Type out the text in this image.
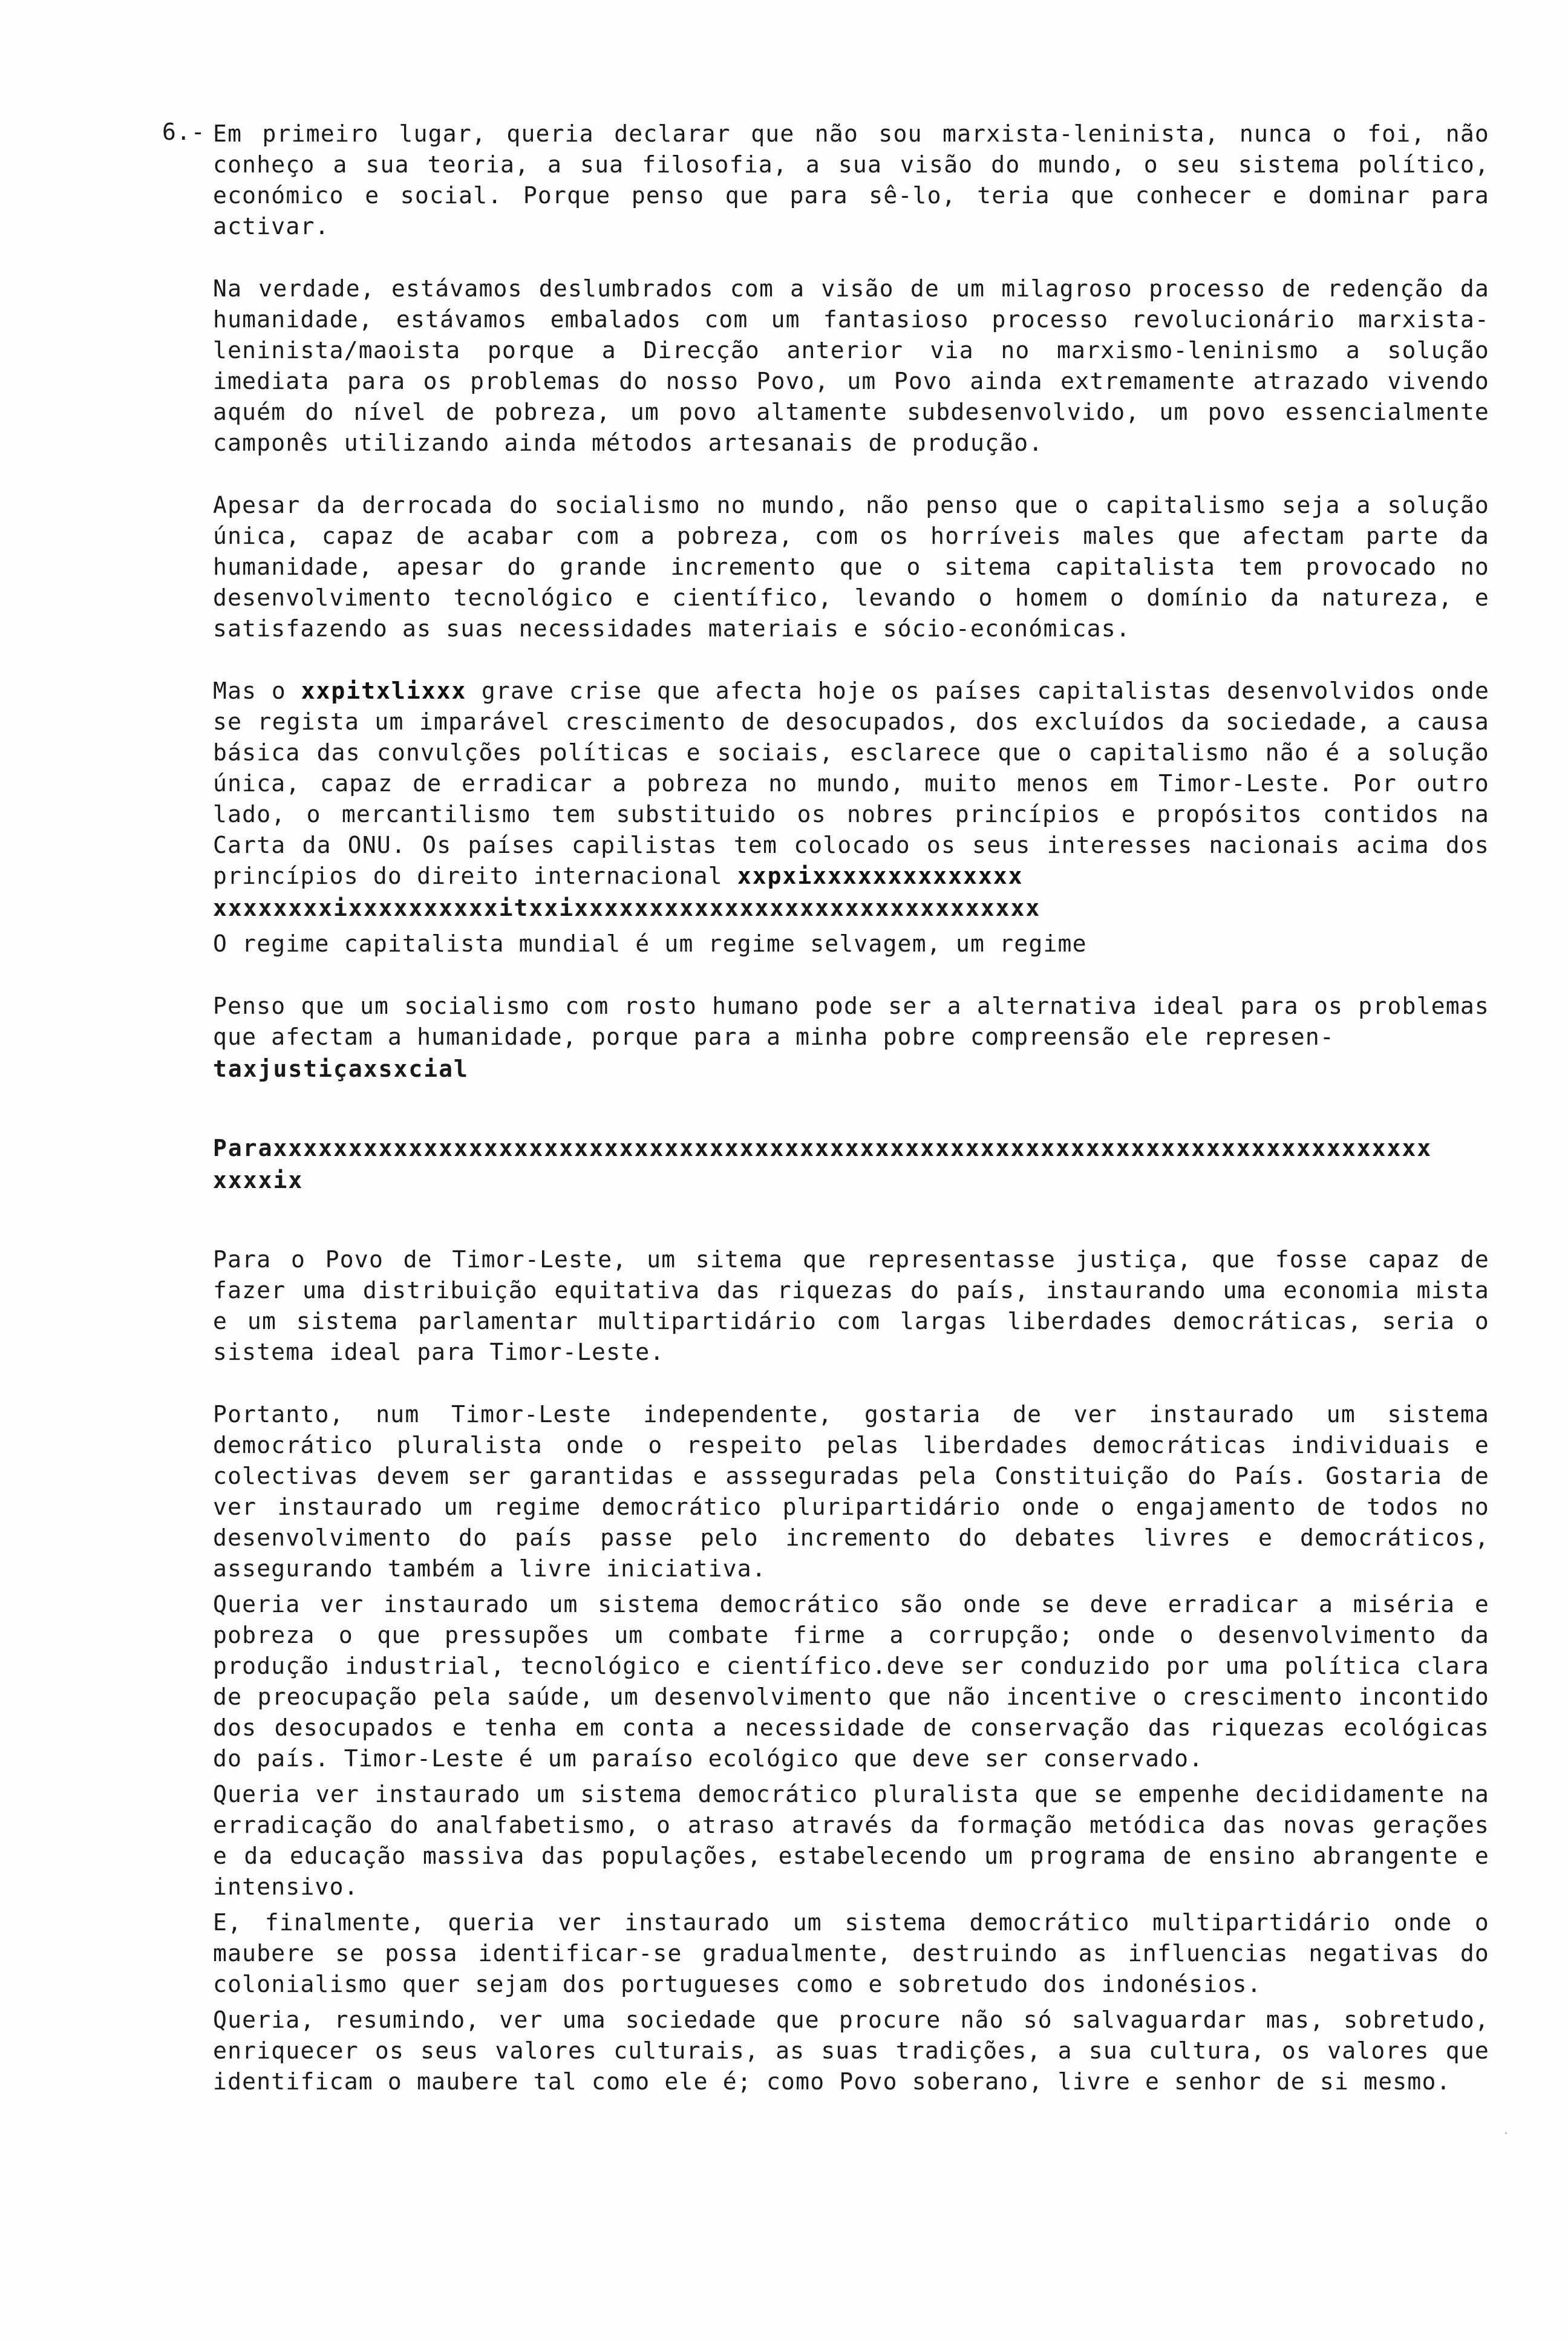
6.- Em primeiro lugar, queria declarar que não sou marxista-leninista, nunca o foi, não conheço a sua teoria, a sua filosofia, a sua visão do mundo, o seu sistema político, económico e social. Porque penso que para sê-lo, teria que conhecer e dominar para activar.

Na verdade, estávamos deslumbrados com a visão de um milagroso processo de redenção da humanidade, estávamos embalados com um fantasioso processo revolucionário marxista-leninista/maoista porque a Direcção anterior via no marxismo-leninismo a solução imediata para os problemas do nosso Povo, um Povo ainda extremamente atrazado vivendo aquém do nível de pobreza, um povo altamente subdesenvolvido, um povo essencialmente camponês utilizando ainda métodos artesanais de produção.

Apesar da derrocada do socialismo no mundo, não penso que o capitalismo seja a solução única, capaz de acabar com a pobreza, com os horríveis males que afectam parte da humanidade, apesar do grande incremento que o sitema capitalista tem provocado no desenvolvimento tecnológico e científico, levando o homem o domínio da natureza, e satisfazendo as suas necessidades materiais e sócio-económicas.

Mas o xxpitxlixxx grave crise que afecta hoje os países capitalistas desenvolvidos onde se regista um imparável crescimento de desocupados, dos excluídos da sociedade, a causa básica das convulções políticas e sociais, esclarece que o capitalismo não é a solução única, capaz de erradicar a pobreza no mundo, muito menos em Timor-Leste. Por outro lado, o mercantilismo tem substituido os nobres princípios e propósitos contidos na Carta da ONU. Os países capilistas tem colocado os seus interesses nacionais acima dos princípios do direito internacional xxpxixxxxxxxxxxxxxx
xxxxxxxxixxxxxxxxxxitxxixxxxxxxxxxxxxxxxxxxxxxxxxxxxxxx

O regime capitalista mundial é um regime selvagem, um regime

Penso que um socialismo com rosto humano pode ser a alternativa ideal para os problemas que afectam a humanidade, porque para a minha pobre compreensão ele represen-
taxjustiçaxsxcial

Paraxxxxxxxxxxxxxxxxxxxxxxxxxxxxxxxxxxxxxxxxxxxxxxxxxxxxxxxxxxxxxxxxxxxxxxxxxxxxx
xxxxix

Para o Povo de Timor-Leste, um sitema que representasse justiça, que fosse capaz de fazer uma distribuição equitativa das riquezas do país, instaurando uma economia mista e um sistema parlamentar multipartidário com largas liberdades democráticas, seria o sistema ideal para Timor-Leste.

Portanto, num Timor-Leste independente, gostaria de ver instaurado um sistema democrático pluralista onde o respeito pelas liberdades democráticas individuais e colectivas devem ser garantidas e assseguradas pela Constituição do País. Gostaria de ver instaurado um regime democrático pluripartidário onde o engajamento de todos no desenvolvimento do país passe pelo incremento do debates livres e democráticos, assegurando também a livre iniciativa.

Queria ver instaurado um sistema democrático são onde se deve erradicar a miséria e pobreza o que pressupões um combate firme a corrupção; onde o desenvolvimento da produção industrial, tecnológico e científico.deve ser conduzido por uma política clara de preocupação pela saúde, um desenvolvimento que não incentive o crescimento incontido dos desocupados e tenha em conta a necessidade de conservação das riquezas ecológicas do país. Timor-Leste é um paraíso ecológico que deve ser conservado.

Queria ver instaurado um sistema democrático pluralista que se empenhe decididamente na erradicação do analfabetismo, o atraso através da formação metódica das novas gerações e da educação massiva das populações, estabelecendo um programa de ensino abrangente e intensivo.

E, finalmente, queria ver instaurado um sistema democrático multipartidário onde o maubere se possa identificar-se gradualmente, destruindo as influencias negativas do colonialismo quer sejam dos portugueses como e sobretudo dos indonésios.

Queria, resumindo, ver uma sociedade que procure não só salvaguardar mas, sobretudo, enriquecer os seus valores culturais, as suas tradições, a sua cultura, os valores que identificam o maubere tal como ele é; como Povo soberano, livre e senhor de si mesmo.

·
